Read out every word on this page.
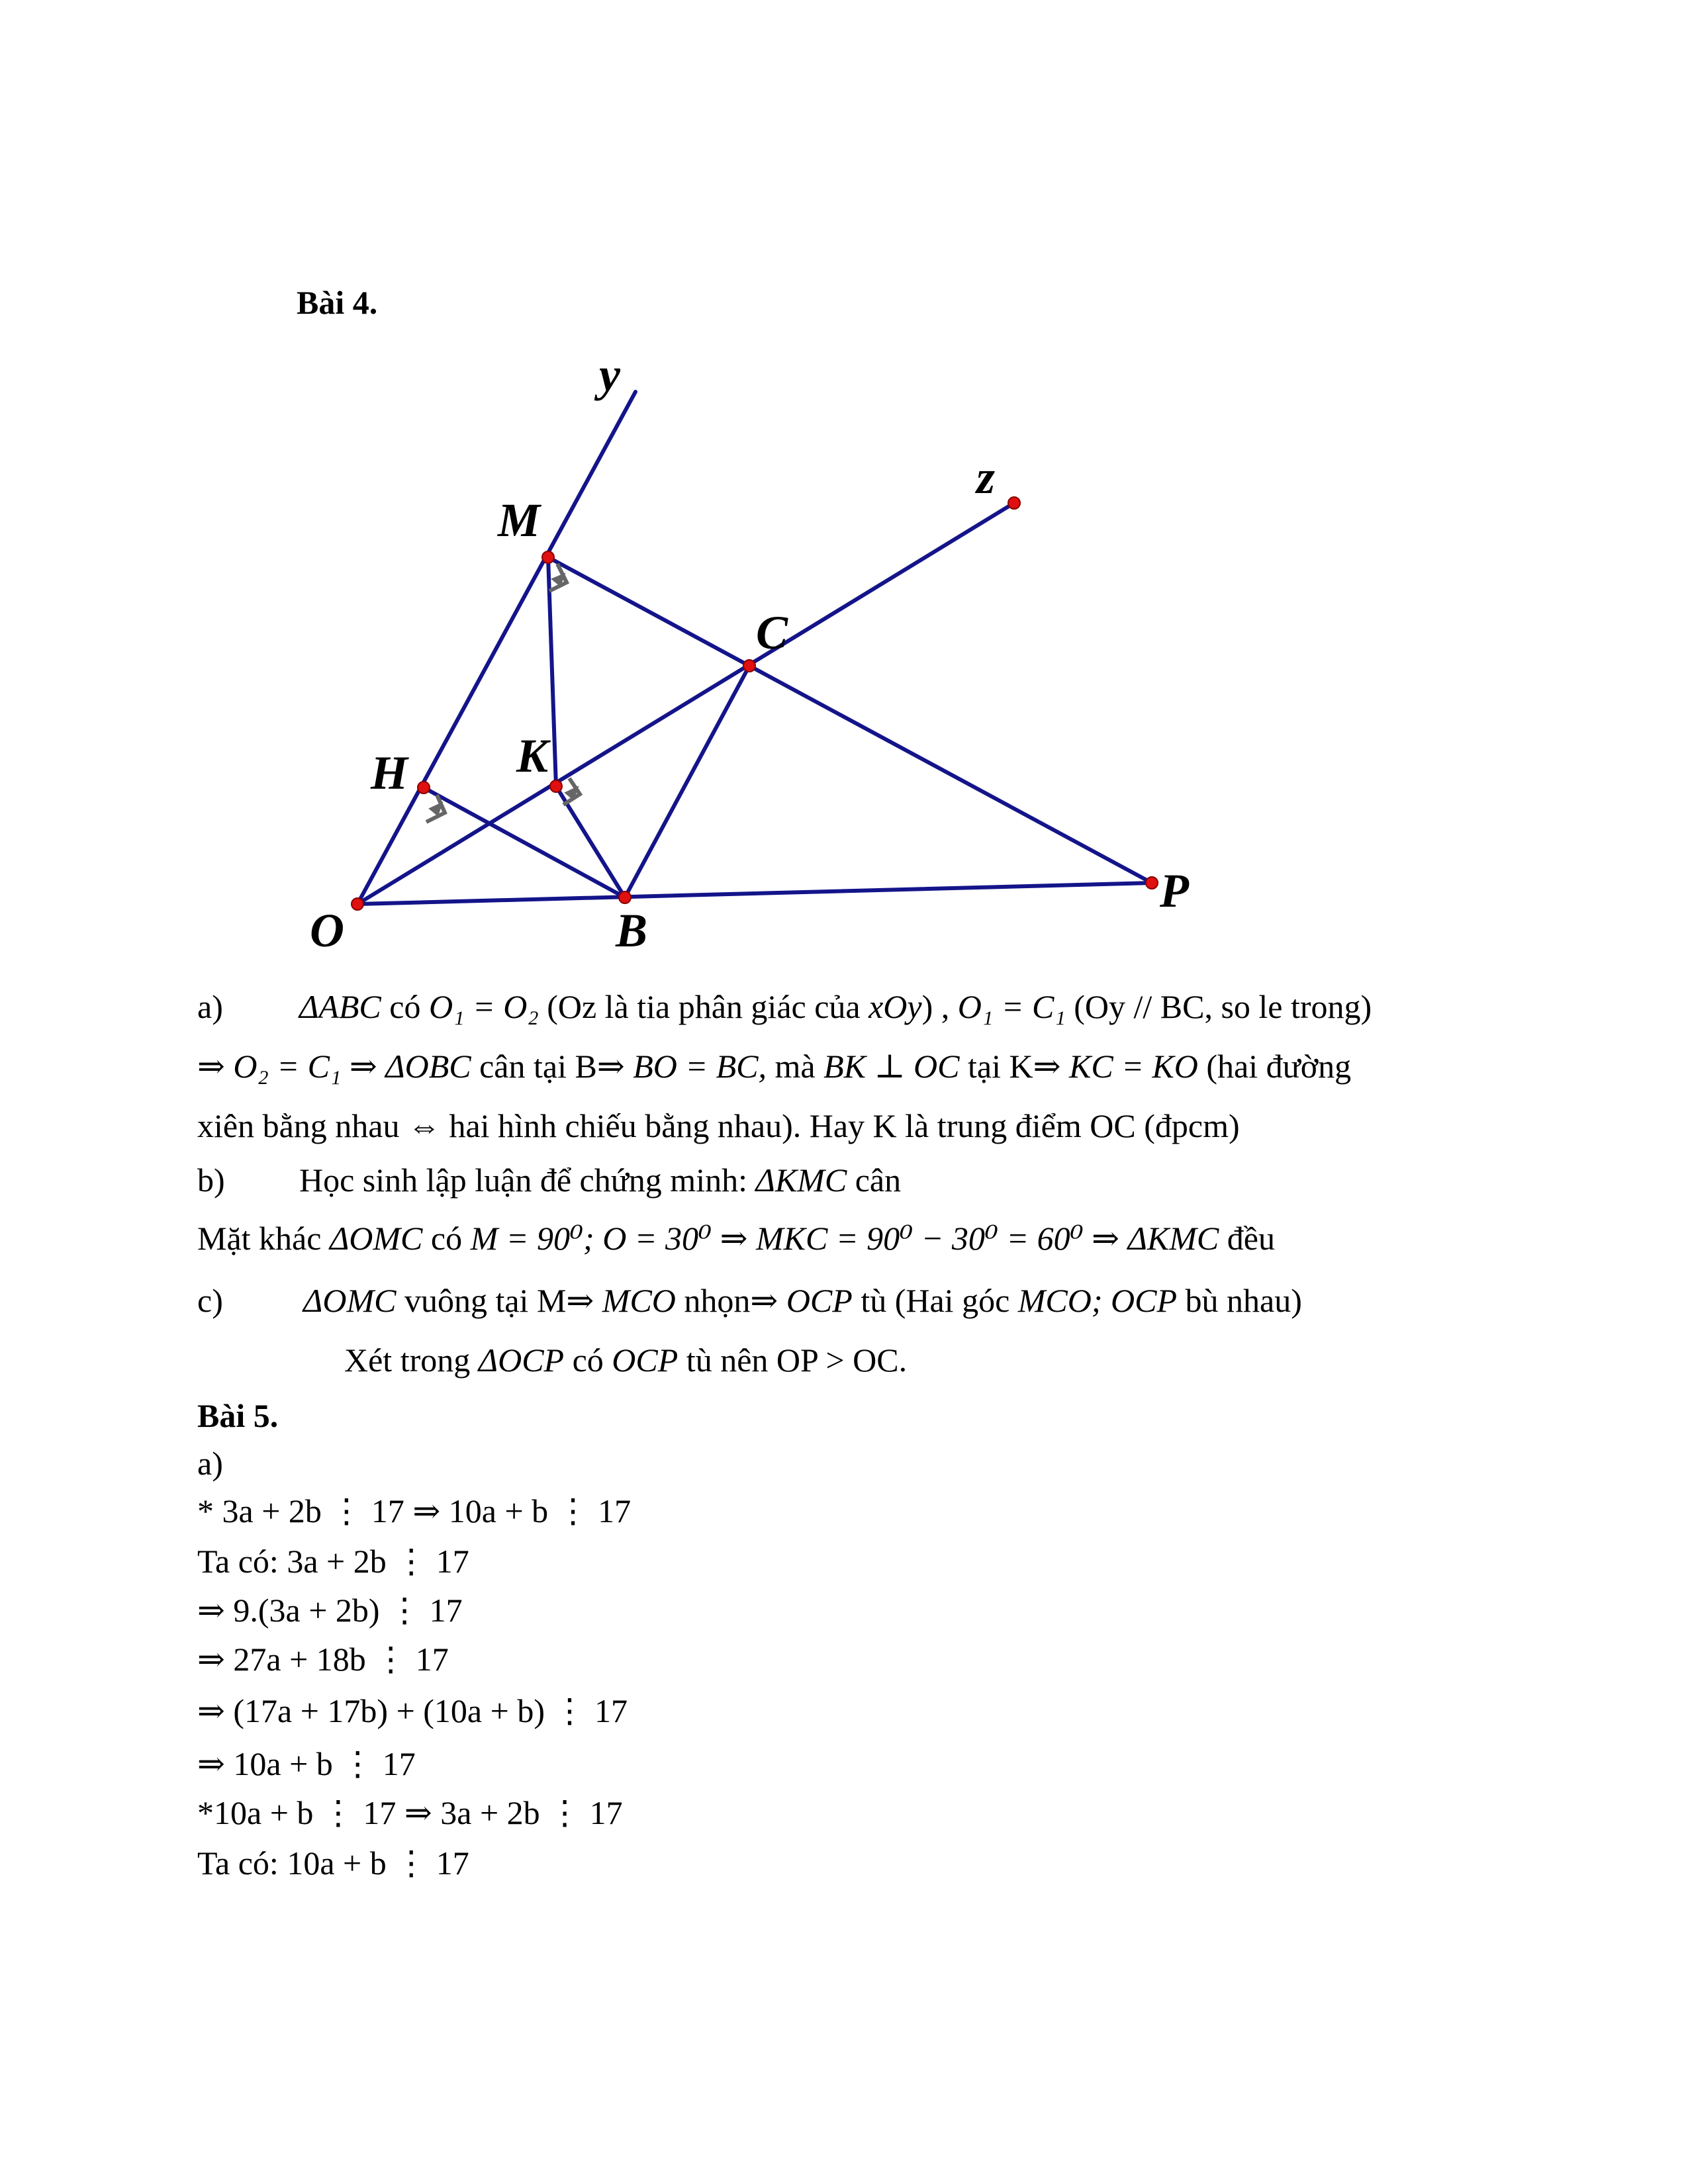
Bài 4.
y
z
M
C
K
H
O	B
P
a) ΔABC có O₁ = O₂ (Oz là tia phân giác của xOy) , O₁ = C₁ (Oy // BC, so le trong)
⇒ O₂ = C₁ ⇒ ΔOBC cân tại B⇒ BO = BC, mà BK ⊥ OC tại K⇒ KC = KO (hai đường
xiên bằng nhau ⇔ hai hình chiếu bằng nhau). Hay K là trung điểm OC (đpcm)
b) Học sinh lập luận để chứng minh: ΔKMC cân
Mặt khác ΔOMC có M = 90⁰; O = 30⁰ ⇒ MKC = 90⁰ − 30⁰ = 60⁰ ⇒ ΔKMC đều
c) ΔOMC vuông tại M⇒ MCO nhọn⇒ OCP tù (Hai góc MCO; OCP bù nhau)
Xét trong ΔOCP có OCP tù nên OP > OC.
Bài 5.
a)
* 3a + 2b ⋮ 17 ⇒ 10a + b ⋮ 17
Ta có: 3a + 2b ⋮ 17
⇒ 9.(3a + 2b) ⋮ 17
⇒ 27a + 18b ⋮ 17
⇒ (17a + 17b) + (10a + b) ⋮ 17
⇒ 10a + b ⋮ 17
*10a + b ⋮ 17 ⇒ 3a + 2b ⋮ 17
Ta có: 10a + b ⋮ 17
